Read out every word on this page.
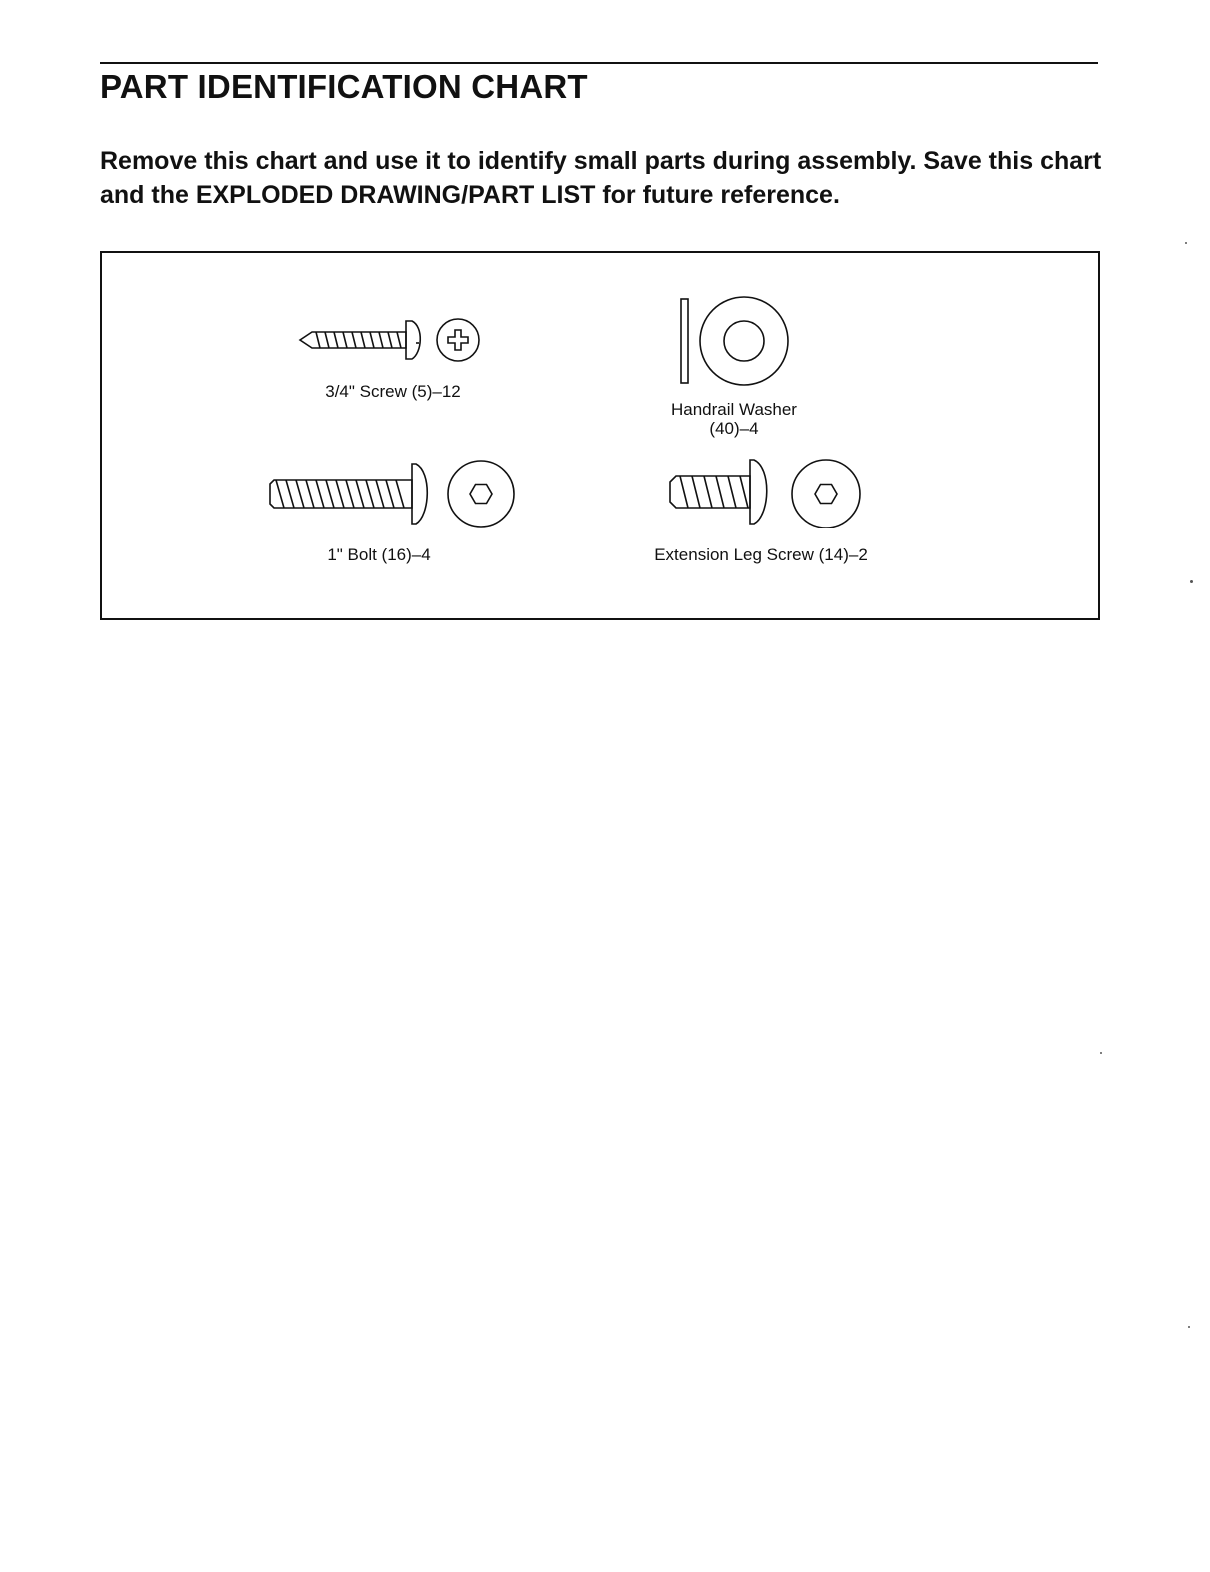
PART IDENTIFICATION CHART

Remove this chart and use it to identify small parts during assembly. Save this chart and the EXPLODED DRAWING/PART LIST for future reference.

3/4" Screw (5)–12
Handrail Washer
(40)–4
1" Bolt (16)–4	Extension Leg Screw (14)–2
